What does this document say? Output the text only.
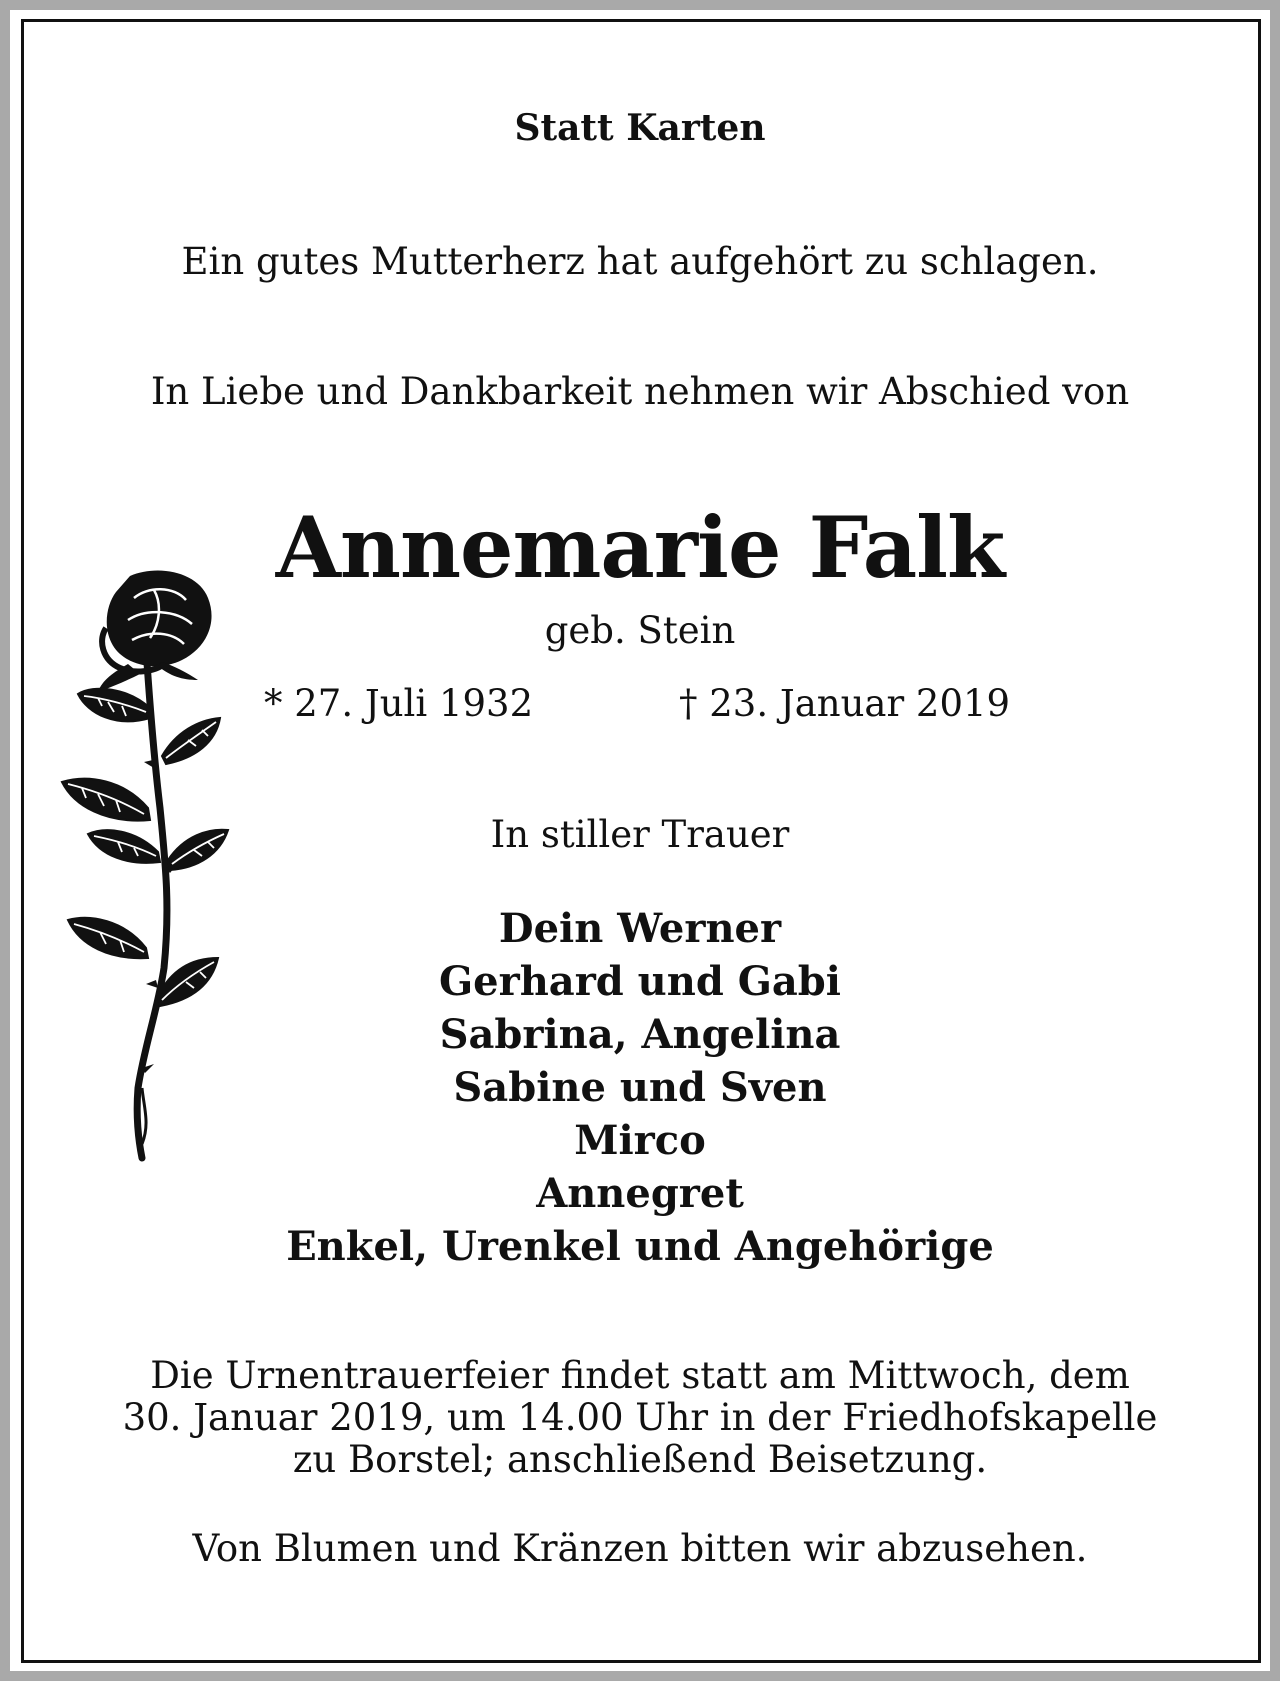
Statt Karten

Ein gutes Mutterherz hat aufgehört zu schlagen.

In Liebe und Dankbarkeit nehmen wir Abschied von

Annemarie Falk

geb. Stein

* 27. Juli 1932	† 23. Januar 2019

In stiller Trauer

Dein Werner
Gerhard und Gabi
Sabrina, Angelina
Sabine und Sven
Mirco
Annegret
Enkel, Urenkel und Angehörige
Die Urnentrauerfeier findet statt am Mittwoch, dem
30. Januar 2019, um 14.00 Uhr in der Friedhofskapelle
zu Borstel; anschließend Beisetzung.

Von Blumen und Kränzen bitten wir abzusehen.
